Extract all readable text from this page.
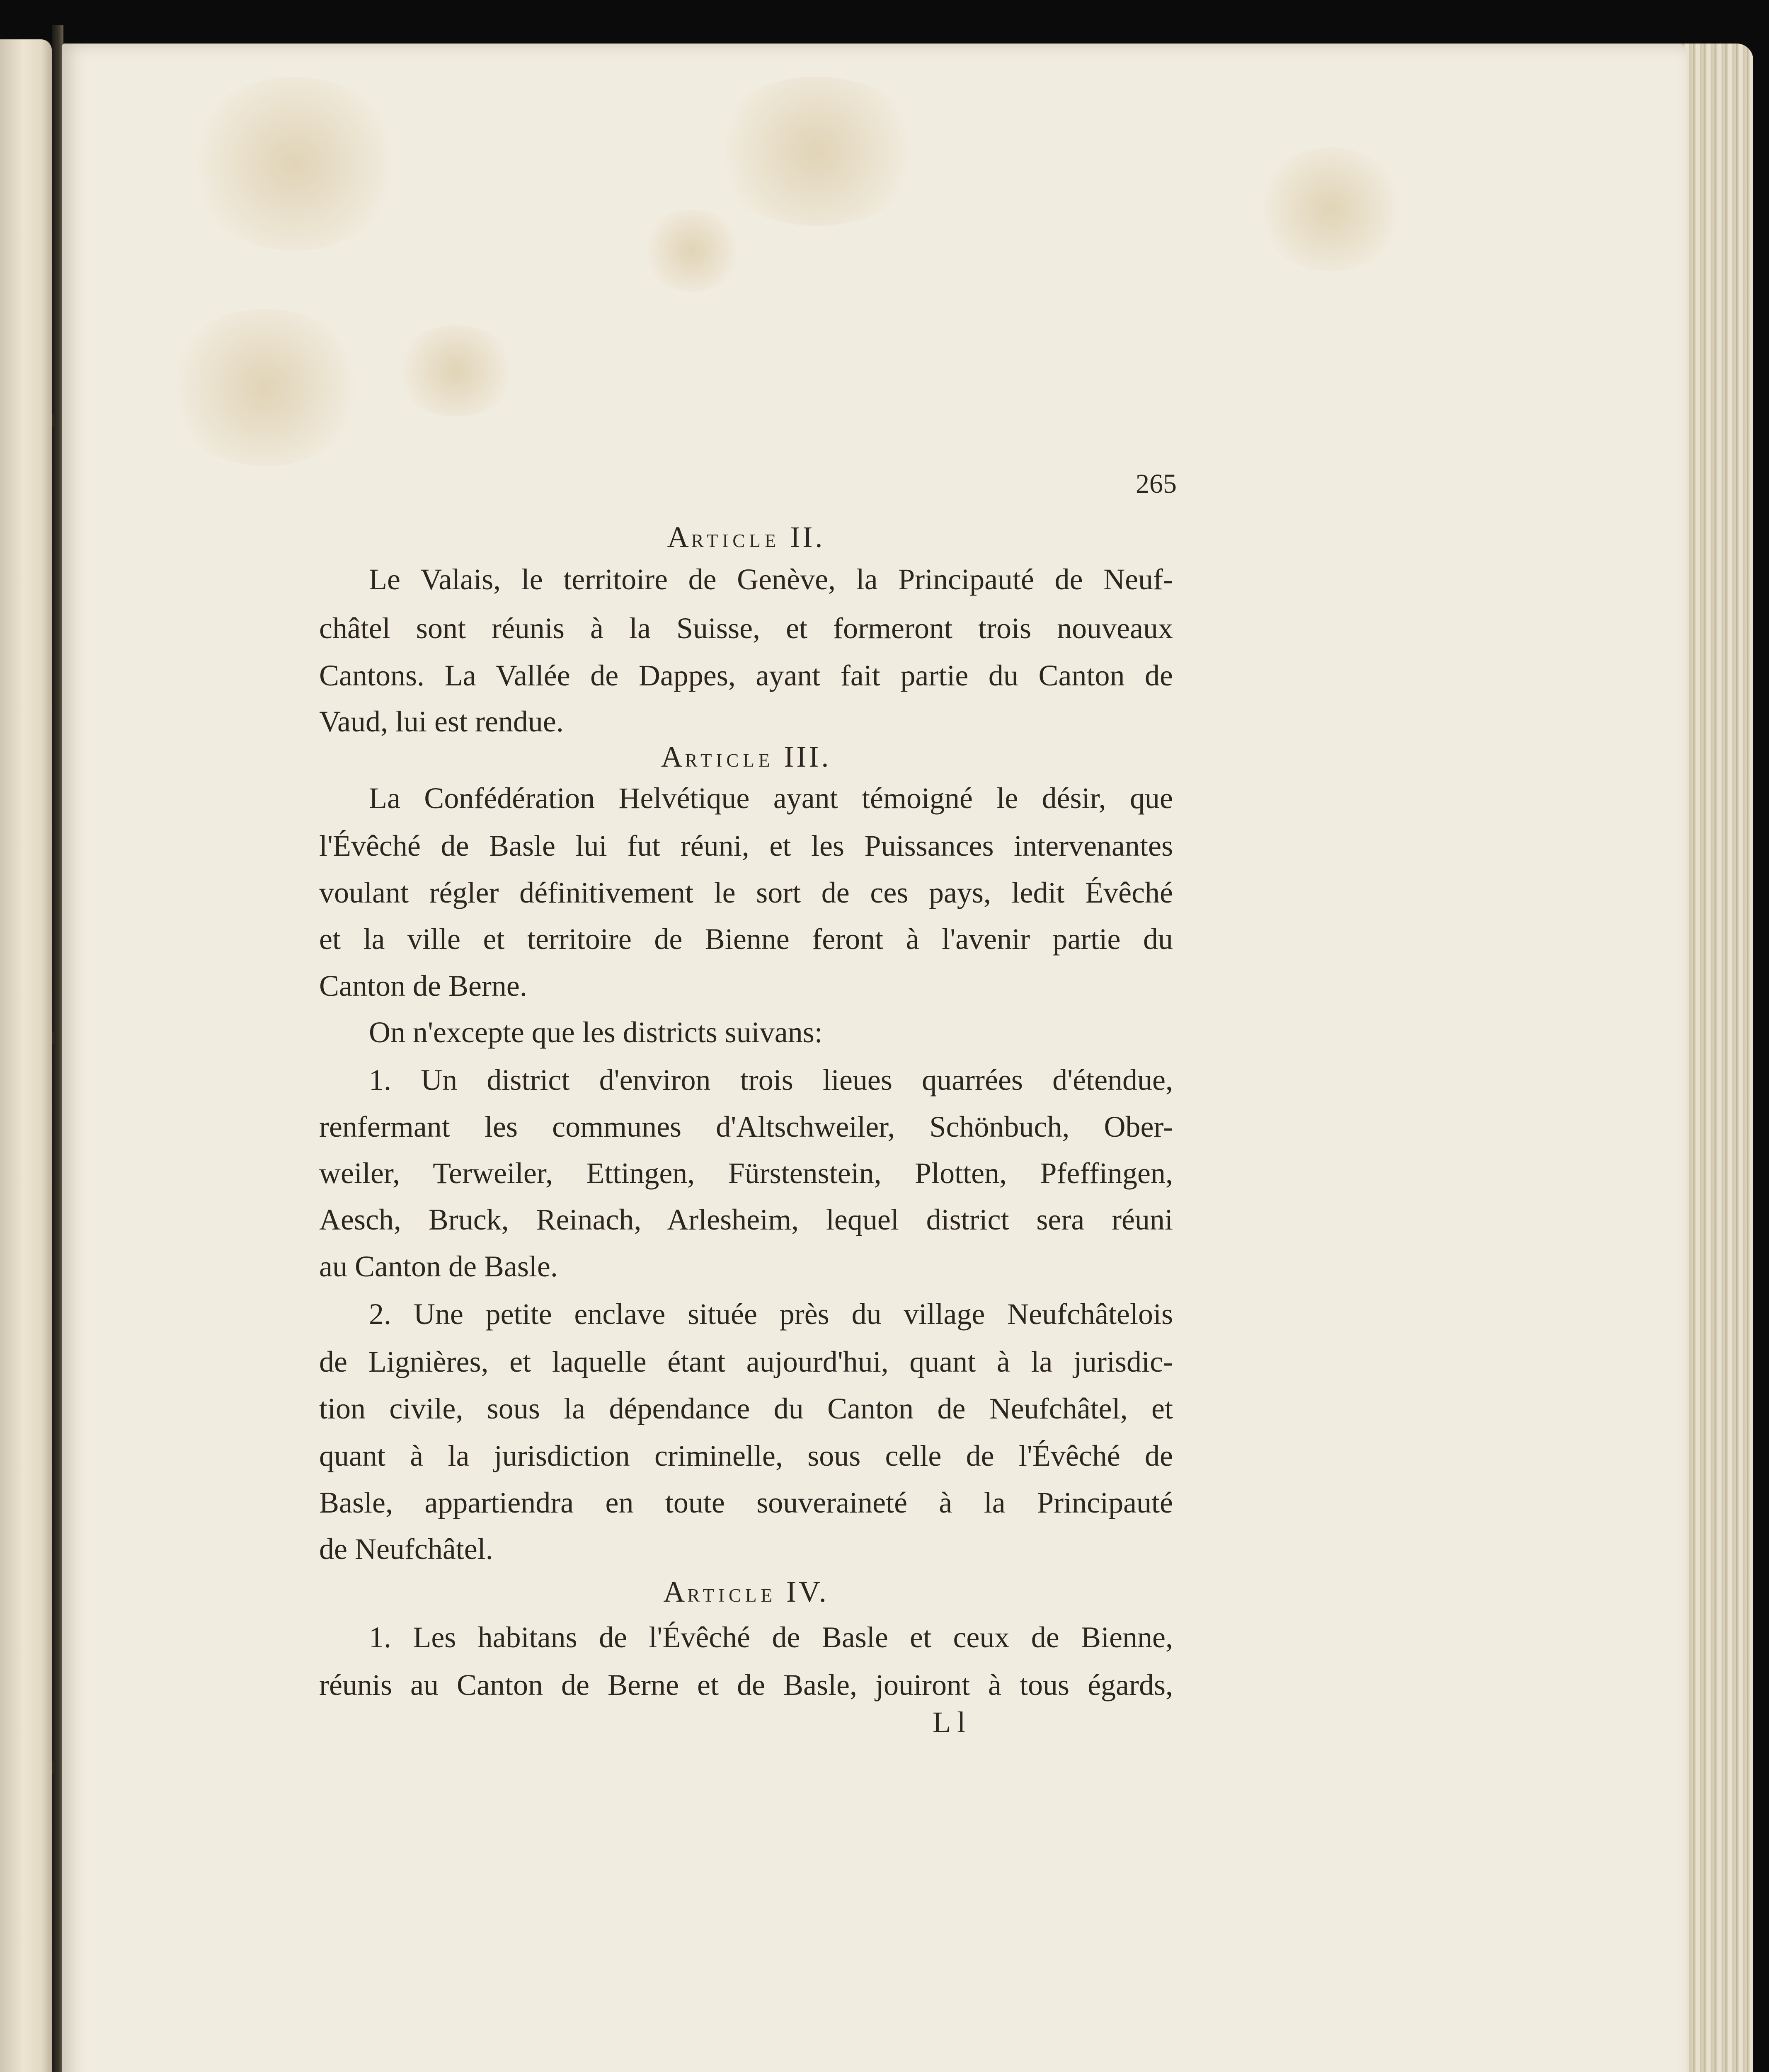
265
Article II.
Le Valais, le territoire de Genève, la Principauté de Neuf-
châtel sont réunis à la Suisse, et formeront trois nouveaux
Cantons. La Vallée de Dappes, ayant fait partie du Canton de
Vaud, lui est rendue.
Article III.
La Confédération Helvétique ayant témoigné le désir, que
l'Évêché de Basle lui fut réuni, et les Puissances intervenantes
voulant régler définitivement le sort de ces pays, ledit Évêché
et la ville et territoire de Bienne feront à l'avenir partie du
Canton de Berne.
On n'excepte que les districts suivans:
1. Un district d'environ trois lieues quarrées d'étendue,
renfermant les communes d'Altschweiler, Schönbuch, Ober-
weiler, Terweiler, Ettingen, Fürstenstein, Plotten, Pfeffingen,
Aesch, Bruck, Reinach, Arlesheim, lequel district sera réuni
au Canton de Basle.
2. Une petite enclave située près du village Neufchâtelois
de Lignières, et laquelle étant aujourd'hui, quant à la jurisdic-
tion civile, sous la dépendance du Canton de Neufchâtel, et
quant à la jurisdiction criminelle, sous celle de l'Évêché de
Basle, appartiendra en toute souveraineté à la Principauté
de Neufchâtel.
Article IV.
1. Les habitans de l'Évêché de Basle et ceux de Bienne,
réunis au Canton de Berne et de Basle, jouiront à tous égards,
L l
